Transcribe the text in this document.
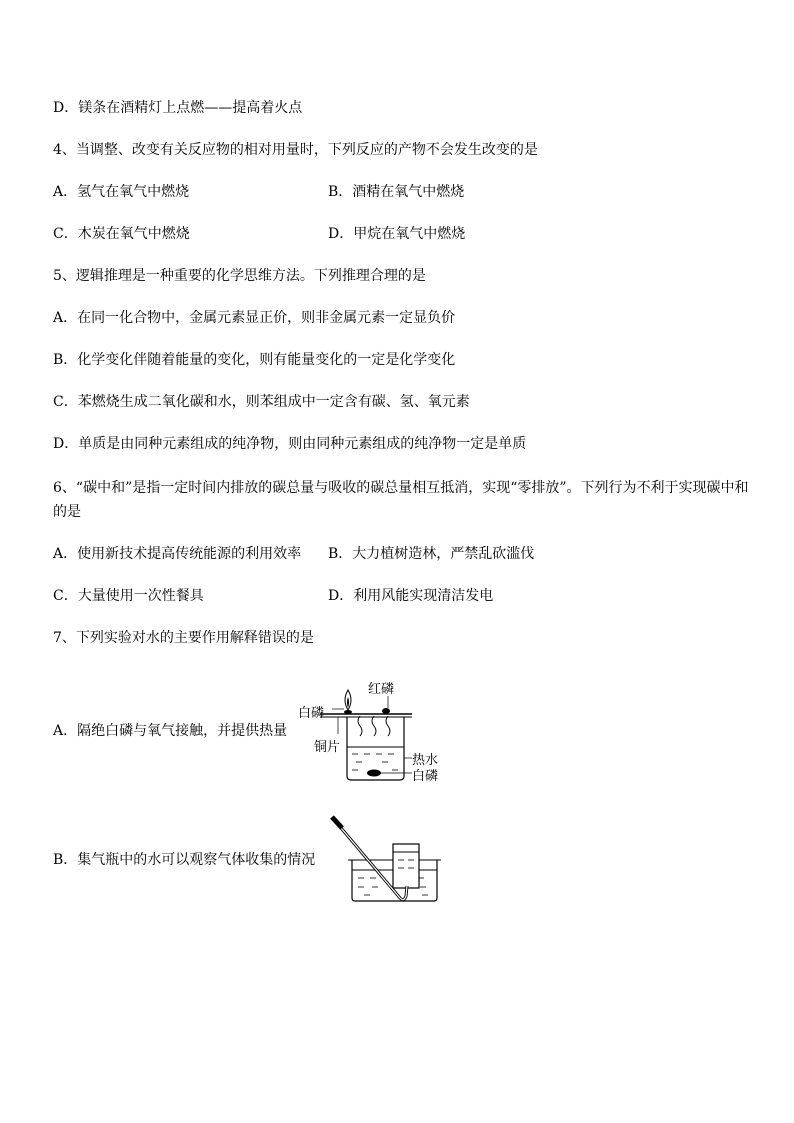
D．镁条在酒精灯上点燃——提高着火点
4、当调整、改变有关反应物的相对用量时，下列反应的产物不会发生改变的是
A．氢气在氧气中燃烧	B．酒精在氧气中燃烧
C．木炭在氧气中燃烧	D．甲烷在氧气中燃烧
5、逻辑推理是一种重要的化学思维方法。下列推理合理的是
A．在同一化合物中，金属元素显正价，则非金属元素一定显负价
B．化学变化伴随着能量的变化，则有能量变化的一定是化学变化
C．苯燃烧生成二氧化碳和水，则苯组成中一定含有碳、氢、氧元素
D．单质是由同种元素组成的纯净物，则由同种元素组成的纯净物一定是单质
6、“碳中和”是指一定时间内排放的碳总量与吸收的碳总量相互抵消，实现“零排放”。下列行为不利于实现碳中和的是
A．使用新技术提高传统能源的利用效率 B．大力植树造林，严禁乱砍滥伐
C．大量使用一次性餐具	D．利用风能实现清洁发电
7、下列实验对水的主要作用解释错误的是
A．隔绝白磷与氧气接触，并提供热量
B．集气瓶中的水可以观察气体收集的情况
红磷
白磷
铜片
热水
白磷
